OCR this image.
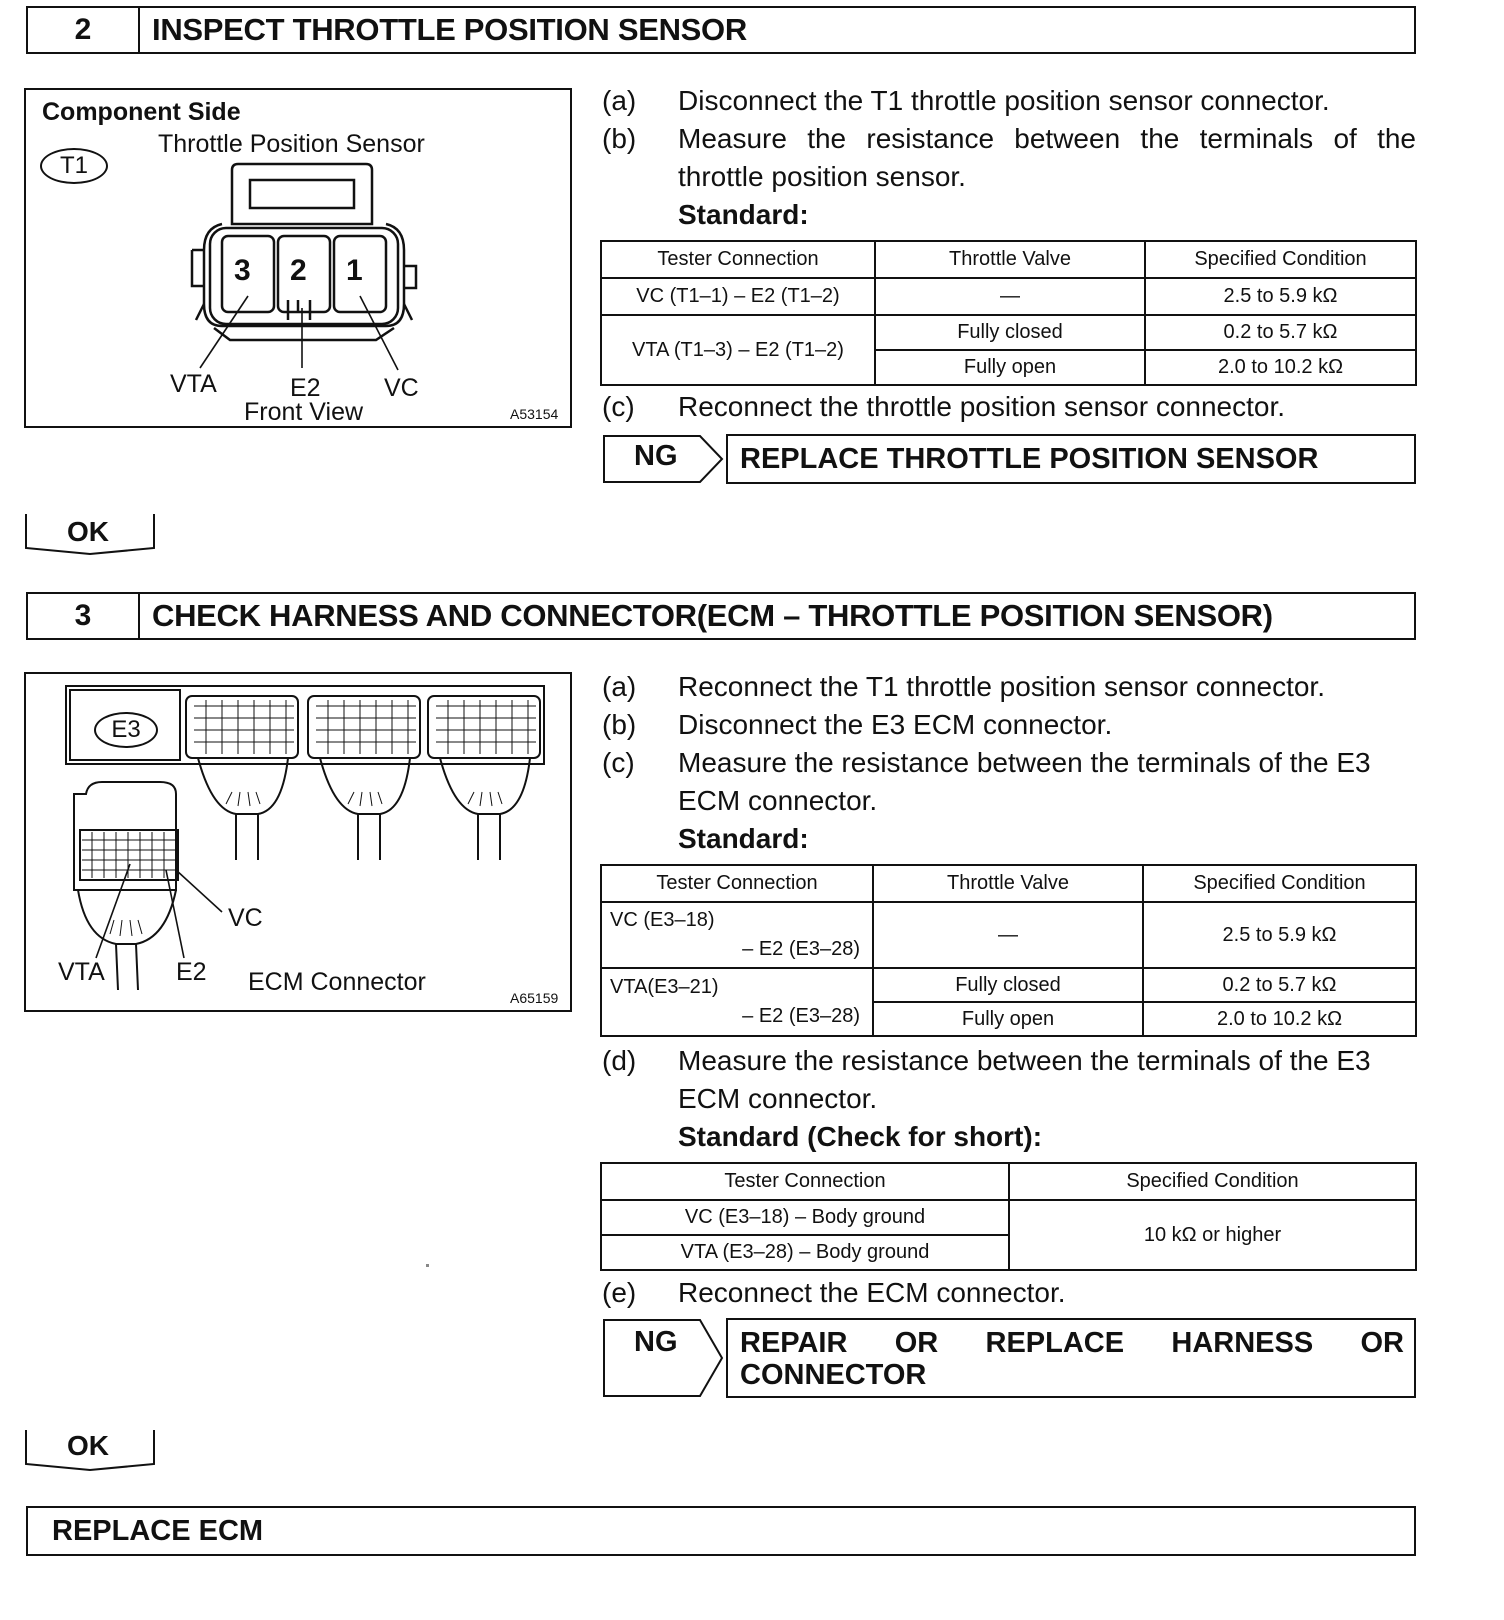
2	INSPECT THROTTLE POSITION SENSOR
Component Side
Throttle Position Sensor
T1
3 2 1
VTA	E2	VC
Front View	A53154
(a) Disconnect the T1 throttle position sensor connector.
(b) Measure the resistance between the terminals of the throttle position sensor.
Standard:
Tester Connection	Throttle Valve	Specified Condition
VC (T1–1) – E2 (T1–2)	—	2.5 to 5.9 kΩ
VTA (T1–3) – E2 (T1–2)	Fully closed	0.2 to 5.7 kΩ
	Fully open	2.0 to 10.2 kΩ
(c) Reconnect the throttle position sensor connector.
NG	REPLACE THROTTLE POSITION SENSOR
OK
3	CHECK HARNESS AND CONNECTOR(ECM – THROTTLE POSITION SENSOR)
E3
VC
VTA	E2 ECM Connector
A65159
(a) Reconnect the T1 throttle position sensor connector.
(b) Disconnect the E3 ECM connector.
(c) Measure the resistance between the terminals of the E3 ECM connector.
Standard:
Tester Connection	Throttle Valve	Specified Condition

VC (E3–18)
– E2 (E3–28)	—	2.5 to 5.9 kΩ

VTA(E3–21)
– E2 (E3–28)	Fully closed	0.2 to 5.7 kΩ
	Fully open	2.0 to 10.2 kΩ
(d) Measure the resistance between the terminals of the E3 ECM connector.
Standard (Check for short):
Tester Connection	Specified Condition
VC (E3–18) – Body ground	10 kΩ or higher
VTA (E3–28) – Body ground	
(e) Reconnect the ECM connector.
NG REPAIR OR REPLACE HARNESS OR
CONNECTOR
OK
REPLACE ECM
